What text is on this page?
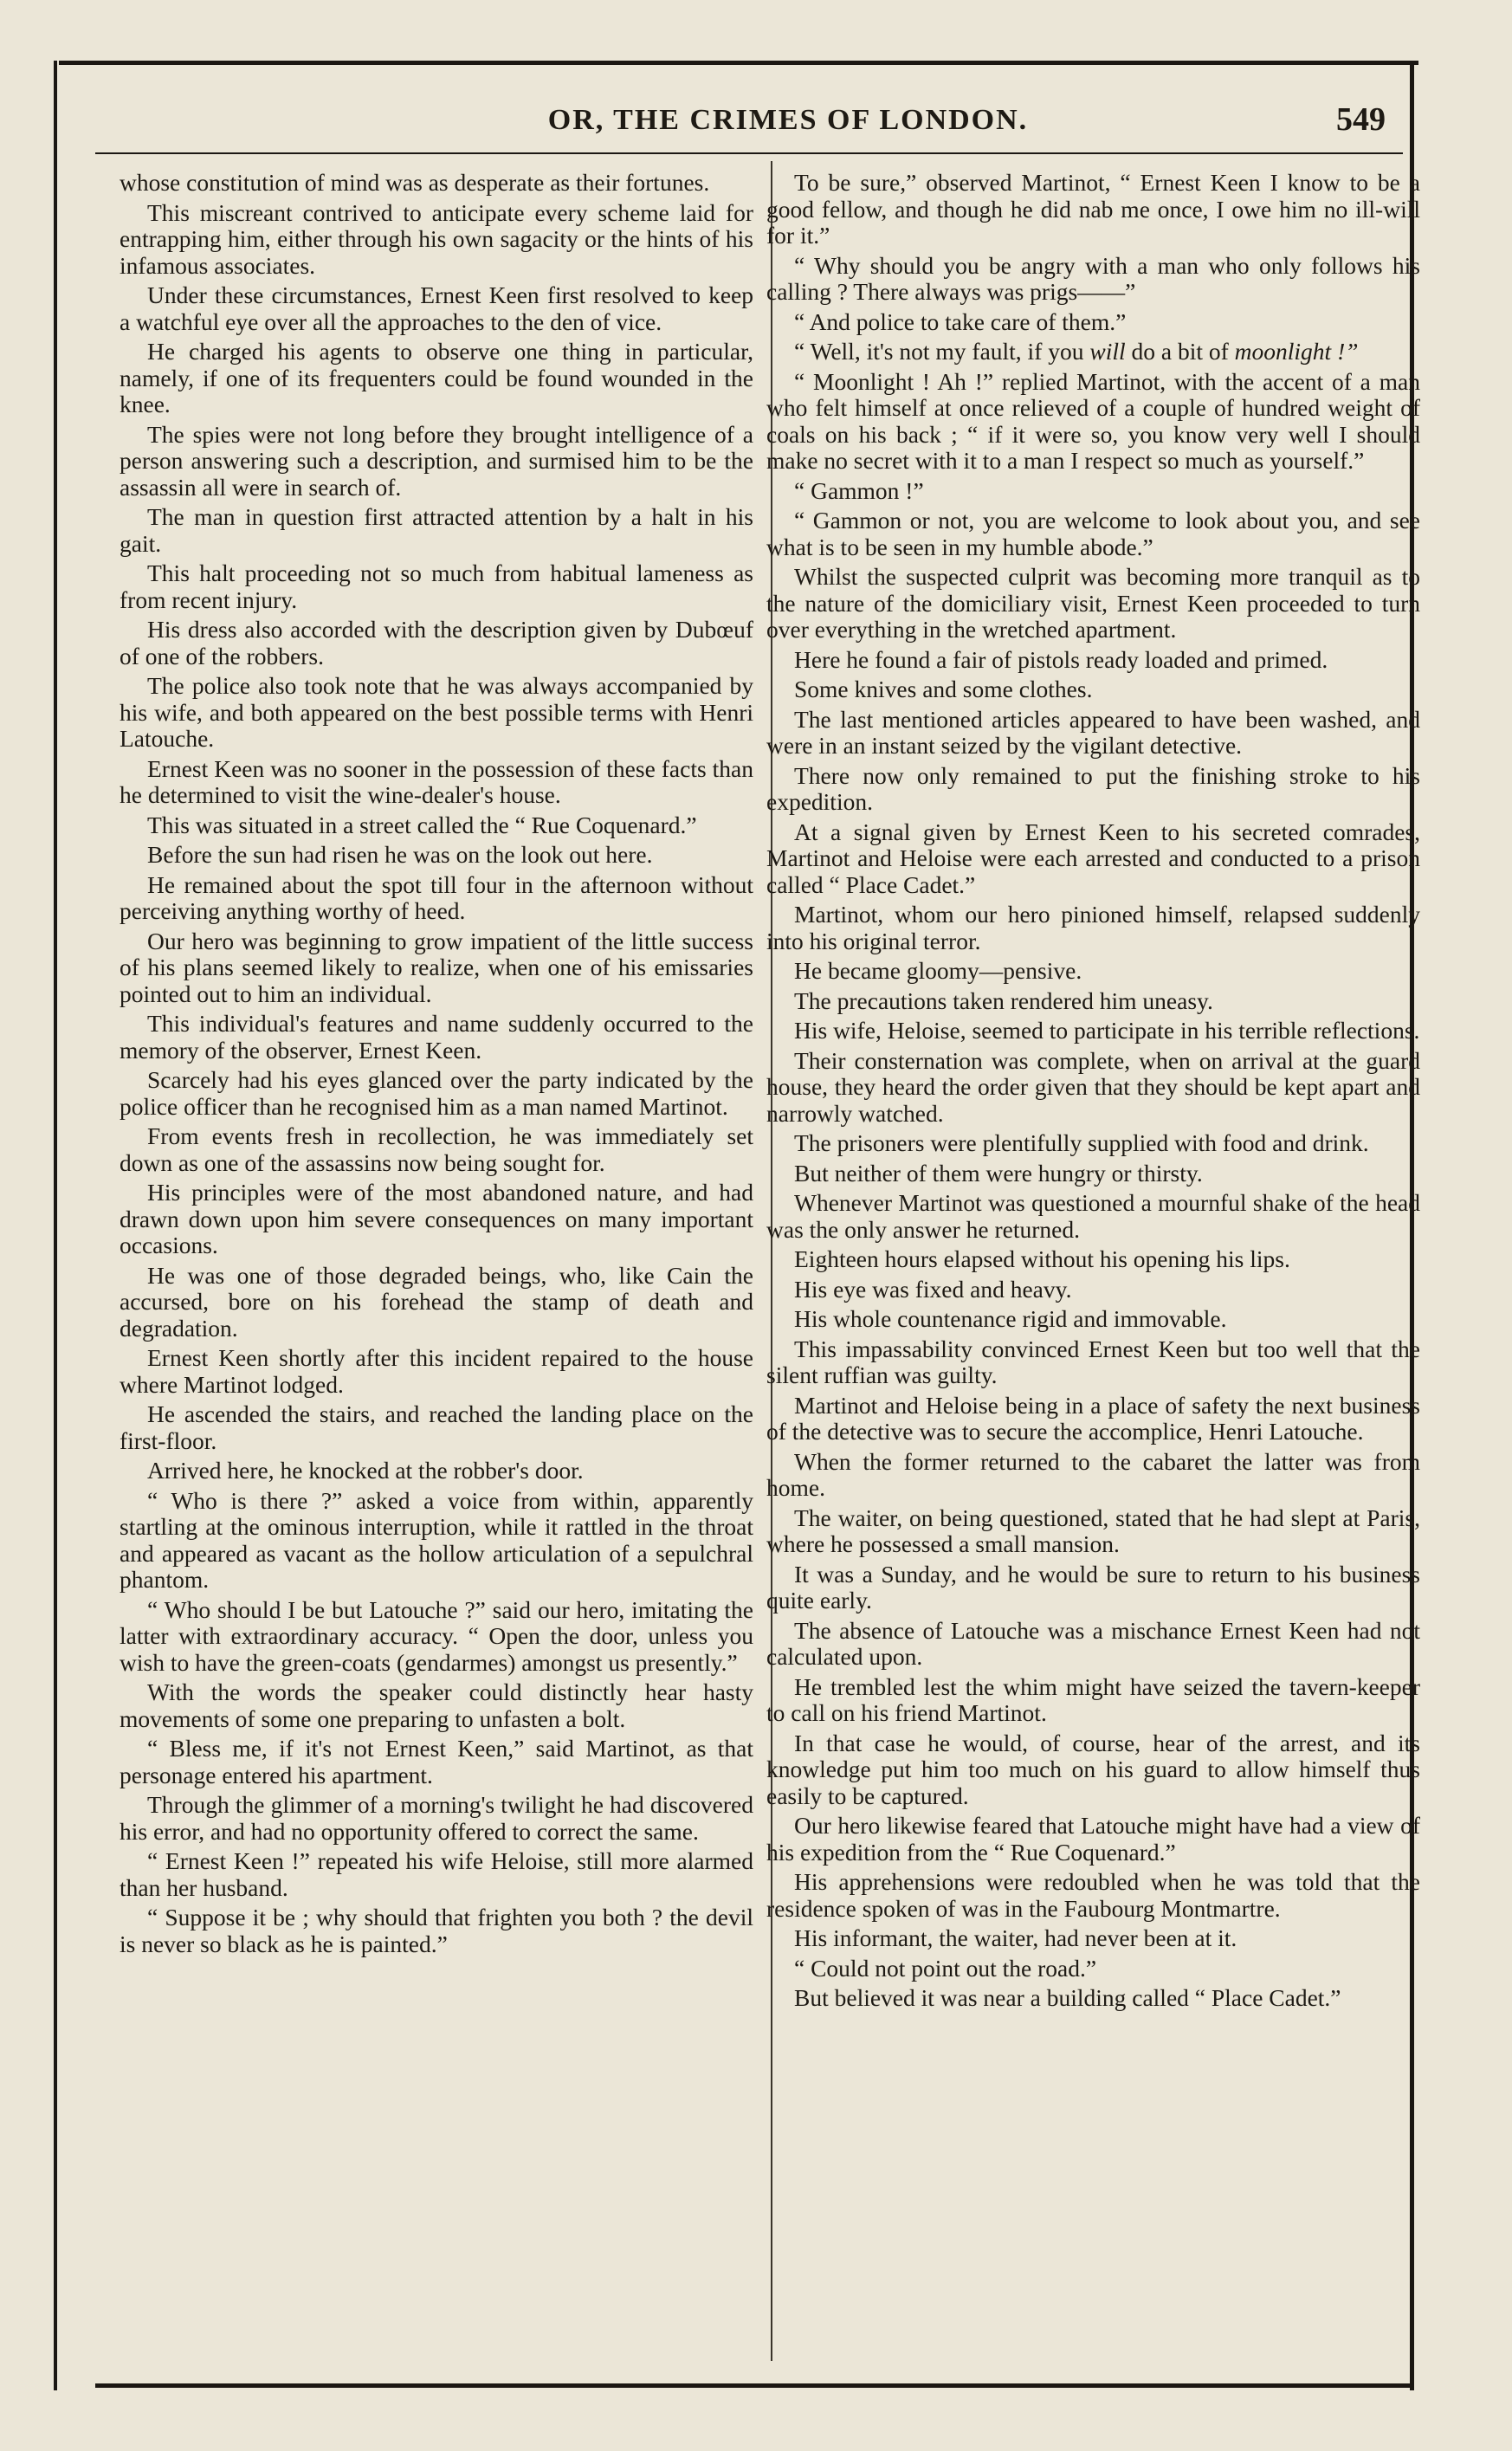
OR, THE CRIMES OF LONDON.	549

whose constitution of mind was as desperate as their fortunes.

This miscreant contrived to anticipate every scheme laid for entrapping him, either through his own sagacity or the hints of his infamous associates.

Under these circumstances, Ernest Keen first resolved to keep a watchful eye over all the approaches to the den of vice.

He charged his agents to observe one thing in particular, namely, if one of its frequenters could be found wounded in the knee.

The spies were not long before they brought intelligence of a person answering such a description, and surmised him to be the assassin all were in search of.

The man in question first attracted attention by a halt in his gait.

This halt proceeding not so much from habitual lameness as from recent injury.

His dress also accorded with the description given by Dubœuf of one of the robbers.

The police also took note that he was always accompanied by his wife, and both appeared on the best possible terms with Henri Latouche.

Ernest Keen was no sooner in the possession of these facts than he determined to visit the wine-dealer's house.

This was situated in a street called the “ Rue Coquenard.”

Before the sun had risen he was on the look out here.

He remained about the spot till four in the afternoon without perceiving anything worthy of heed.

Our hero was beginning to grow impatient of the little success of his plans seemed likely to realize, when one of his emissaries pointed out to him an individual.

This individual's features and name suddenly occurred to the memory of the observer, Ernest Keen.

Scarcely had his eyes glanced over the party indicated by the police officer than he recognised him as a man named Martinot.

From events fresh in recollection, he was immediately set down as one of the assassins now being sought for.

His principles were of the most abandoned nature, and had drawn down upon him severe consequences on many important occasions.

He was one of those degraded beings, who, like Cain the accursed, bore on his forehead the stamp of death and degradation.

Ernest Keen shortly after this incident repaired to the house where Martinot lodged.

He ascended the stairs, and reached the landing place on the first-floor.

Arrived here, he knocked at the robber's door.

“ Who is there ?” asked a voice from within, apparently startling at the ominous interruption, while it rattled in the throat and appeared as vacant as the hollow articulation of a sepulchral phantom.

“ Who should I be but Latouche ?” said our hero, imitating the latter with extraordinary accuracy. “ Open the door, unless you wish to have the green-coats (gendarmes) amongst us presently.”

With the words the speaker could distinctly hear hasty movements of some one preparing to unfasten a bolt.

“ Bless me, if it's not Ernest Keen,” said Martinot, as that personage entered his apartment.

Through the glimmer of a morning's twilight he had discovered his error, and had no opportunity offered to correct the same.

“ Ernest Keen !” repeated his wife Heloise, still more alarmed than her husband.

“ Suppose it be ; why should that frighten you both ? the devil is never so black as he is painted.”

To be sure,” observed Martinot, “ Ernest Keen I know to be a good fellow, and though he did nab me once, I owe him no ill-will for it.”

“ Why should you be angry with a man who only follows his calling ? There always was prigs——”

“ And police to take care of them.”

“ Well, it's not my fault, if you will do a bit of moonlight !”

“ Moonlight ! Ah !” replied Martinot, with the accent of a man who felt himself at once relieved of a couple of hundred weight of coals on his back ; “ if it were so, you know very well I should make no secret with it to a man I respect so much as yourself.”

“ Gammon !”

“ Gammon or not, you are welcome to look about you, and see what is to be seen in my humble abode.”

Whilst the suspected culprit was becoming more tranquil as to the nature of the domiciliary visit, Ernest Keen proceeded to turn over everything in the wretched apartment.

Here he found a fair of pistols ready loaded and primed.

Some knives and some clothes.

The last mentioned articles appeared to have been washed, and were in an instant seized by the vigilant detective.

There now only remained to put the finishing stroke to his expedition.

At a signal given by Ernest Keen to his secreted comrades, Martinot and Heloise were each arrested and conducted to a prison called “ Place Cadet.”

Martinot, whom our hero pinioned himself, relapsed suddenly into his original terror.

He became gloomy—pensive.

The precautions taken rendered him uneasy.

His wife, Heloise, seemed to participate in his terrible reflections.

Their consternation was complete, when on arrival at the guard house, they heard the order given that they should be kept apart and narrowly watched.

The prisoners were plentifully supplied with food and drink.

But neither of them were hungry or thirsty.

Whenever Martinot was questioned a mournful shake of the head was the only answer he returned.

Eighteen hours elapsed without his opening his lips.

His eye was fixed and heavy.

His whole countenance rigid and immovable.

This impassability convinced Ernest Keen but too well that the silent ruffian was guilty.

Martinot and Heloise being in a place of safety the next business of the detective was to secure the accomplice, Henri Latouche.

When the former returned to the cabaret the latter was from home.

The waiter, on being questioned, stated that he had slept at Paris, where he possessed a small mansion.

It was a Sunday, and he would be sure to return to his business quite early.

The absence of Latouche was a mischance Ernest Keen had not calculated upon.

He trembled lest the whim might have seized the tavern-keeper to call on his friend Martinot.

In that case he would, of course, hear of the arrest, and its knowledge put him too much on his guard to allow himself thus easily to be captured.

Our hero likewise feared that Latouche might have had a view of his expedition from the “ Rue Coquenard.”

His apprehensions were redoubled when he was told that the residence spoken of was in the Faubourg Montmartre.

His informant, the waiter, had never been at it.

“ Could not point out the road.”

But believed it was near a building called “ Place Cadet.”
